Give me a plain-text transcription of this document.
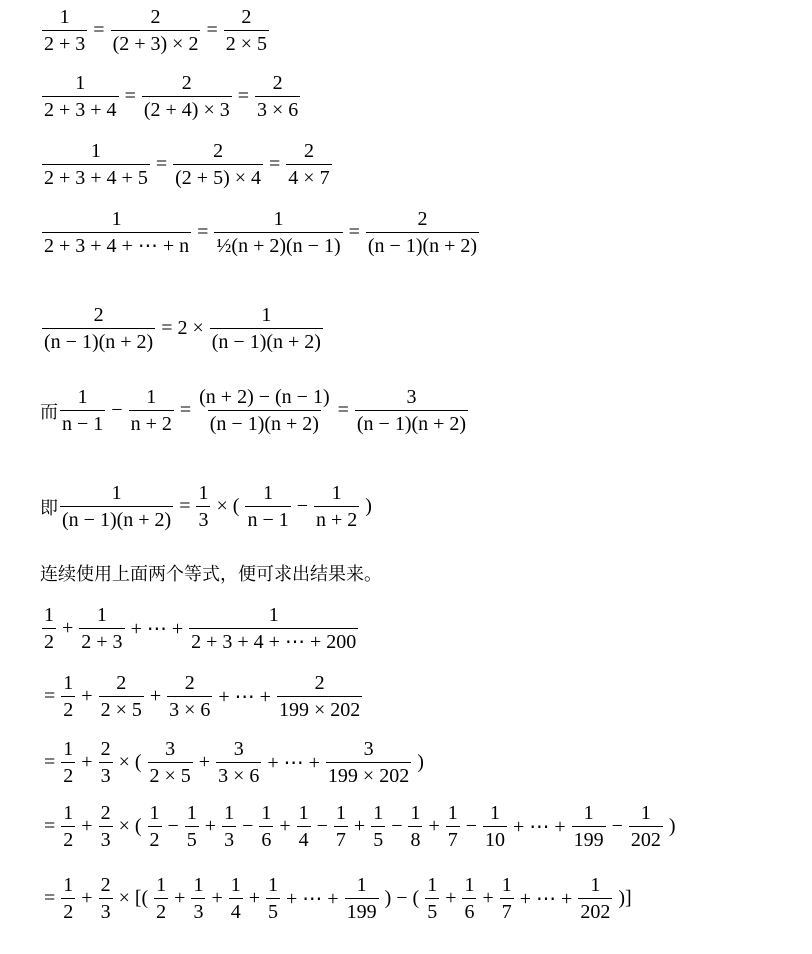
$\frac{1}{2 + 3} = \frac{2}{(2 + 3) \times 2} = \frac{2}{2 \times 5}$
$\frac{1}{2 + 3 + 4} = \frac{2}{(2 + 4) \times 3} = \frac{2}{3 \times 6}$
$\frac{1}{2 + 3 + 4 + 5} = \frac{2}{(2 + 5) \times 4} = \frac{2}{4 \times 7}$
$\frac{1}{2 + 3 + 4 + \cdots + n} = \frac{1}{\text{½(n + 2)(n − 1)}} = \frac{2}{(n - 1)(n + 2)}$
$\frac{2}{(n - 1)(n + 2)} = 2 \times \frac{1}{(n - 1)(n + 2)}$
而 $\frac{1}{n - 1} - \frac{1}{n + 2} = \frac{(n + 2) - (n - 1)}{(n - 1)(n + 2)} = \frac{3}{(n - 1)(n + 2)}$
即 $\frac{1}{(n - 1)(n + 2)} = \frac{1}{3}$ × ( $\frac{1}{n - 1} - \frac{1}{n + 2}$ )
连续使用上面两个等式，便可求出结果来。
$\frac{1}{2} + \frac{1}{2 + 3}$ + ⋯ + $\frac{1}{2 + 3 + 4 + \cdots + 200}$
= $\frac{1}{2} + \frac{2}{2 \times 5} + \frac{2}{3 \times 6}$ + ⋯ + $\frac{2}{199 \times 202}$
= $\frac{1}{2} + \frac{2}{3}$ × ( $\frac{3}{2 \times 5} + \frac{3}{3 \times 6}$ + ⋯ + $\frac{3}{199 \times 202}$ )
= $\frac{1}{2} + \frac{2}{3}$ × ( $\frac{1}{2} - \frac{1}{5} + \frac{1}{3} - \frac{1}{6} + \frac{1}{4} - \frac{1}{7} + \frac{1}{5} - \frac{1}{8} + \frac{1}{7} - \frac{1}{10}$ + ⋯ + $\frac{1}{199} - \frac{1}{202}$ )
= $\frac{1}{2} + \frac{2}{3}$ × [( $\frac{1}{2} + \frac{1}{3} + \frac{1}{4} + \frac{1}{5}$ + ⋯ + $\frac{1}{199}$ ) − ( $\frac{1}{5} + \frac{1}{6} + \frac{1}{7}$ + ⋯ + $\frac{1}{202}$ )]
